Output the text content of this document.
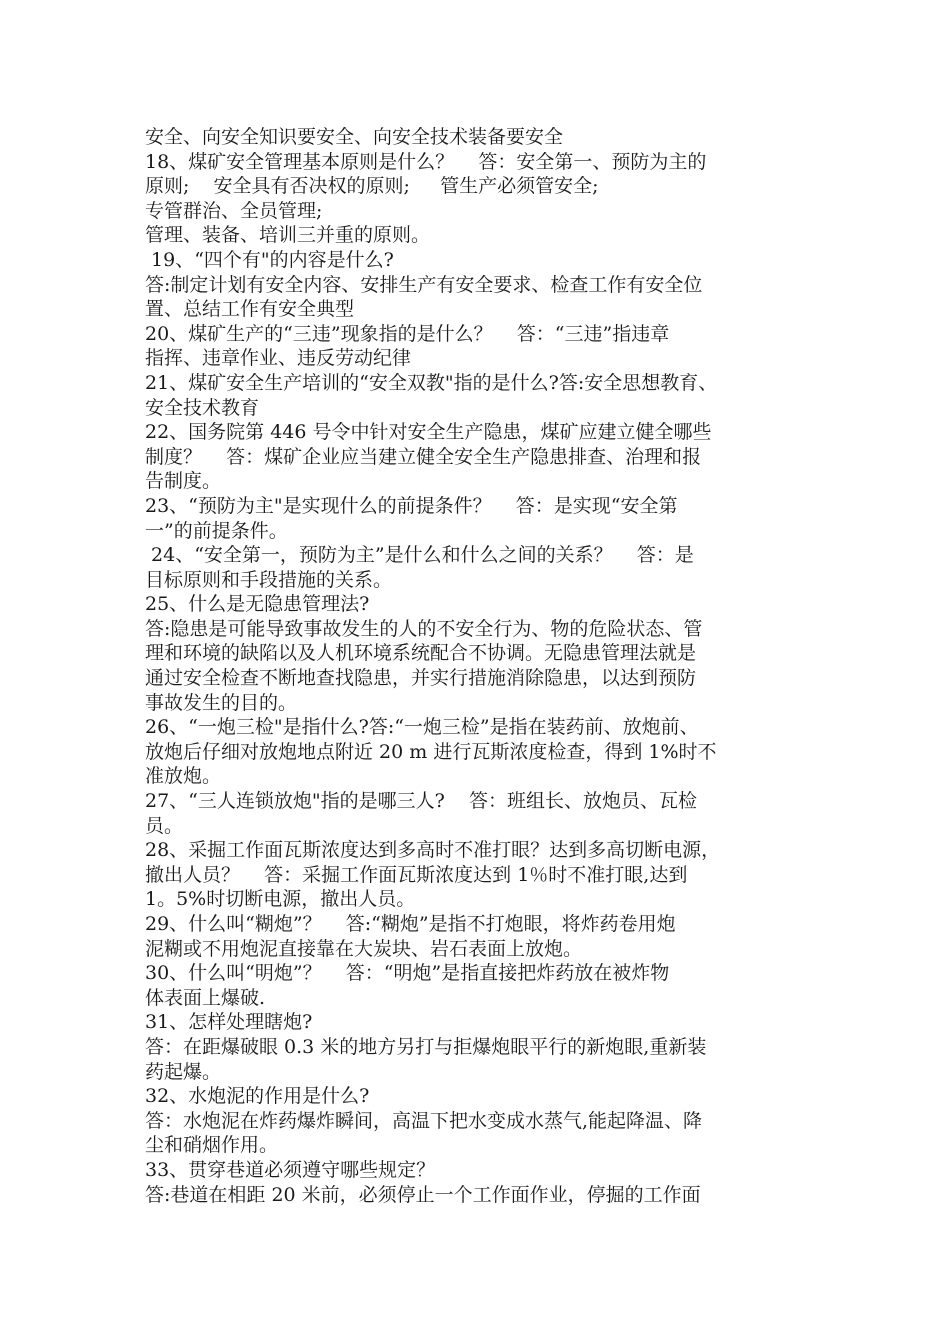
安全、向安全知识要安全、向安全技术装备要安全
18、煤矿安全管理基本原则是什么？    答：安全第一、预防为主的
原则;    安全具有否决权的原则;     管生产必须管安全;
专管群治、全员管理;
管理、装备、培训三并重的原则。
19、“四个有"的内容是什么?
答:制定计划有安全内容、安排生产有安全要求、检查工作有安全位
置、总结工作有安全典型
20、煤矿生产的“三违”现象指的是什么？    答：“三违”指违章
指挥、违章作业、违反劳动纪律
21、煤矿安全生产培训的“安全双教"指的是什么?答:安全思想教育、
安全技术教育
22、国务院第 446 号令中针对安全生产隐患，煤矿应建立健全哪些
制度？    答：煤矿企业应当建立健全安全生产隐患排查、治理和报
告制度。
23、“预防为主"是实现什么的前提条件？    答：是实现“安全第
一”的前提条件。
24、“安全第一，预防为主”是什么和什么之间的关系？    答：是
目标原则和手段措施的关系。
25、什么是无隐患管理法?
答:隐患是可能导致事故发生的人的不安全行为、物的危险状态、管
理和环境的缺陷以及人机环境系统配合不协调。无隐患管理法就是
通过安全检查不断地查找隐患，并实行措施消除隐患，以达到预防
事故发生的目的。
26、“一炮三检"是指什么?答:“一炮三检”是指在装药前、放炮前、
放炮后仔细对放炮地点附近 20 m 进行瓦斯浓度检查，得到 1%时不
准放炮。
27、“三人连锁放炮"指的是哪三人?    答：班组长、放炮员、瓦检
员。
28、采掘工作面瓦斯浓度达到多高时不准打眼？达到多高切断电源，
撤出人员？    答：采掘工作面瓦斯浓度达到 1％时不准打眼,达到
1。5%时切断电源，撤出人员。
29、什么叫“糊炮”？    答:“糊炮”是指不打炮眼，将炸药卷用炮
泥糊或不用炮泥直接靠在大炭块、岩石表面上放炮。
30、什么叫“明炮”？    答：“明炮”是指直接把炸药放在被炸物
体表面上爆破.
31、怎样处理瞎炮?
答：在距爆破眼 0.3 米的地方另打与拒爆炮眼平行的新炮眼,重新装
药起爆。
32、水炮泥的作用是什么?
答：水炮泥在炸药爆炸瞬间，高温下把水变成水蒸气,能起降温、降
尘和硝烟作用。
33、贯穿巷道必须遵守哪些规定？
答:巷道在相距 20 米前，必须停止一个工作面作业，停掘的工作面
